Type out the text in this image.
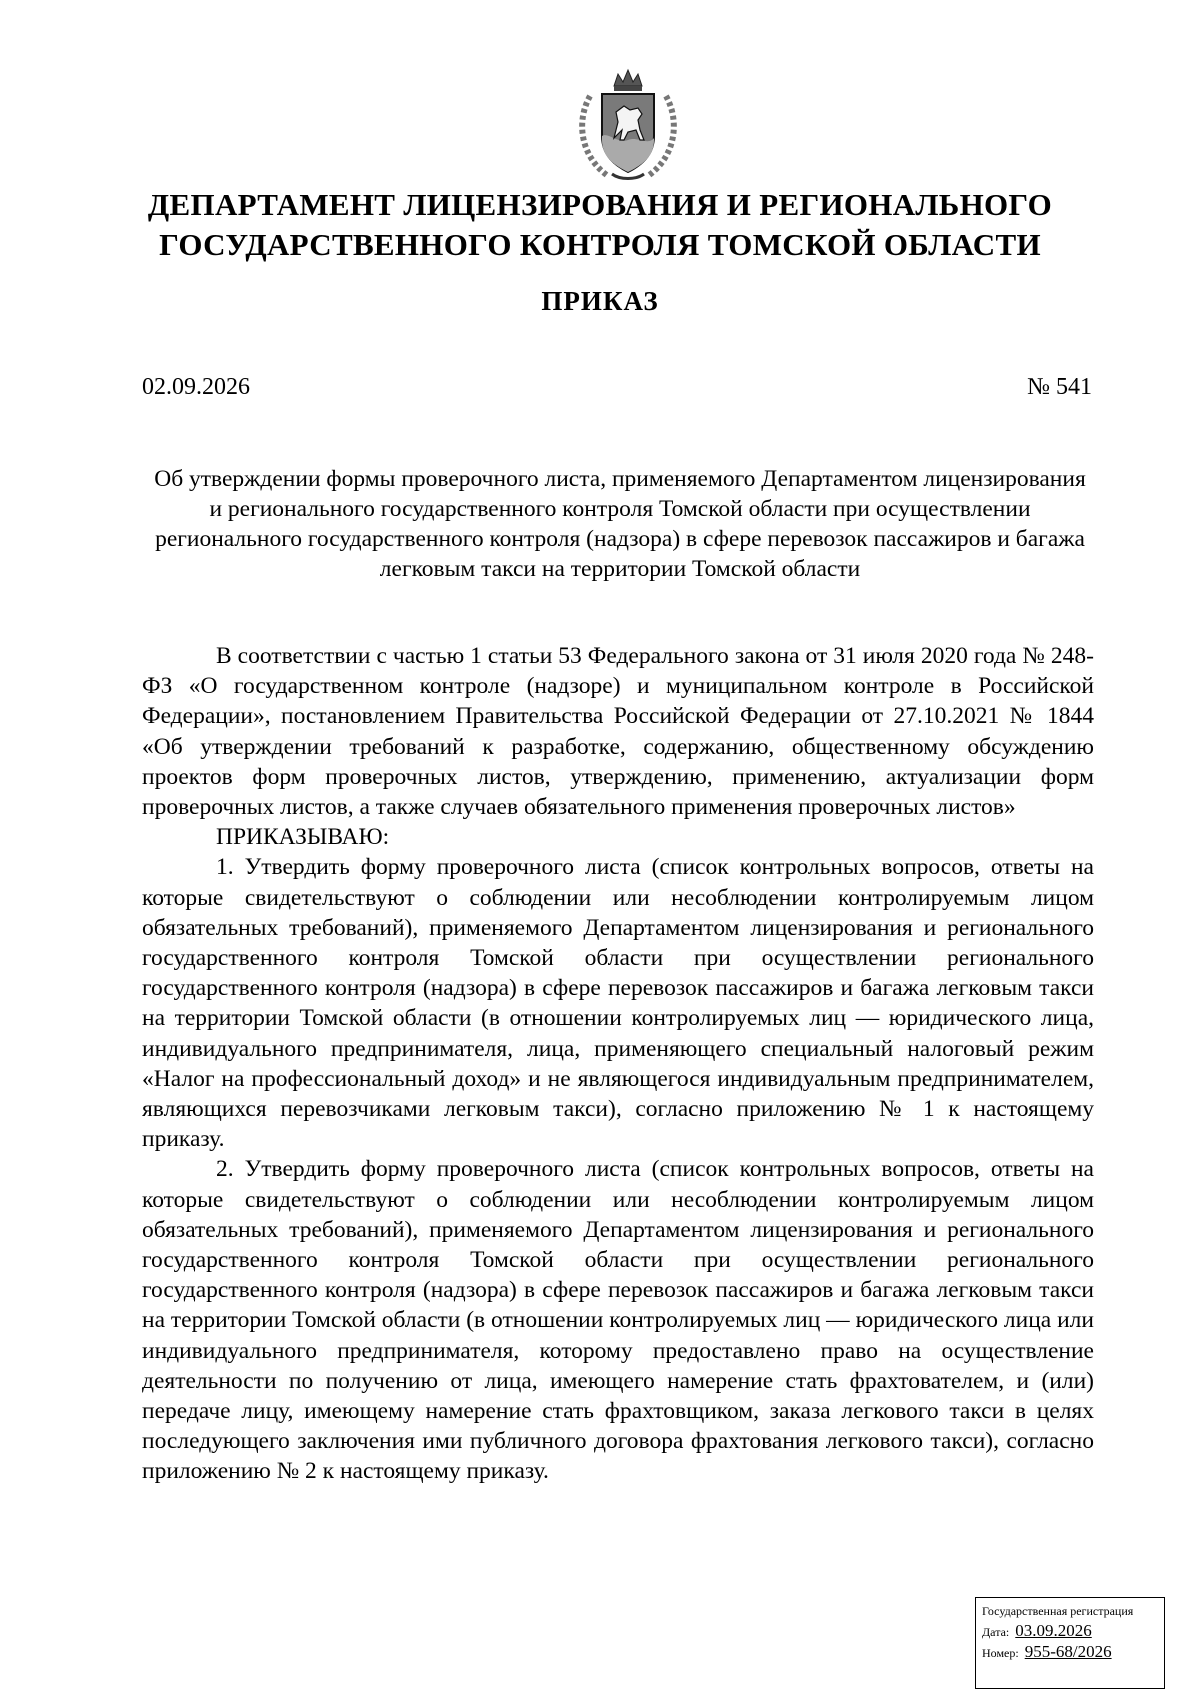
ДЕПАРТАМЕНТ ЛИЦЕНЗИРОВАНИЯ И РЕГИОНАЛЬНОГО
ГОСУДАРСТВЕННОГО КОНТРОЛЯ ТОМСКОЙ ОБЛАСТИ
ПРИКАЗ
02.09.2026	№ 541
Об утверждении формы проверочного листа, применяемого Департаментом лицензирования и регионального государственного контроля Томской области при осуществлении регионального государственного контроля (надзора) в сфере перевозок пассажиров и багажа легковым такси на территории Томской области

В соответствии с частью 1 статьи 53 Федерального закона от 31 июля 2020 года № 248-ФЗ «О государственном контроле (надзоре) и муниципальном контроле в Российской Федерации», постановлением Правительства Российской Федерации от 27.10.2021 № 1844 «Об утверждении требований к разработке, содержанию, общественному обсуждению проектов форм проверочных листов, утверждению, применению, актуализации форм проверочных листов, а также случаев обязательного применения проверочных листов»

ПРИКАЗЫВАЮ:

1. Утвердить форму проверочного листа (список контрольных вопросов, ответы на которые свидетельствуют о соблюдении или несоблюдении контролируемым лицом обязательных требований), применяемого Департаментом лицензирования и регионального государственного контроля Томской области при осуществлении регионального государственного контроля (надзора) в сфере перевозок пассажиров и багажа легковым такси на территории Томской области (в отношении контролируемых лиц — юридического лица, индивидуального предпринимателя, лица, применяющего специальный налоговый режим «Налог на профессиональный доход» и не являющегося индивидуальным предпринимателем, являющихся перевозчиками легковым такси), согласно приложению № 1 к настоящему приказу.

2. Утвердить форму проверочного листа (список контрольных вопросов, ответы на которые свидетельствуют о соблюдении или несоблюдении контролируемым лицом обязательных требований), применяемого Департаментом лицензирования и регионального государственного контроля Томской области при осуществлении регионального государственного контроля (надзора) в сфере перевозок пассажиров и багажа легковым такси на территории Томской области (в отношении контролируемых лиц — юридического лица или индивидуального предпринимателя, которому предоставлено право на осуществление деятельности по получению от лица, имеющего намерение стать фрахтователем, и (или) передаче лицу, имеющему намерение стать фрахтовщиком, заказа легкового такси в целях последующего заключения ими публичного договора фрахтования легкового такси), согласно приложению № 2 к настоящему приказу.

Государственная регистрация
Дата: 03.09.2026
Номер: 955-68/2026
